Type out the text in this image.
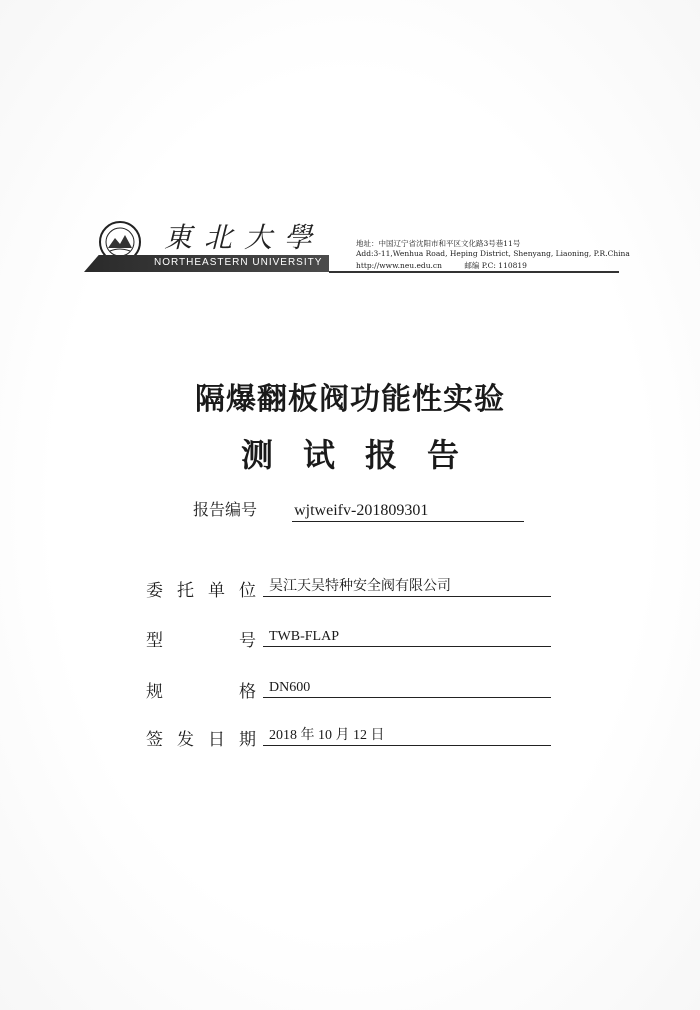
東北大學
NORTHEASTERN UNIVERSITY
地址：中国辽宁省沈阳市和平区文化路3号巷11号
Add:3-11,Wenhua Road, Heping District, Shenyang, Liaoning, P.R.China
http://www.neu.edu.cn	邮编 P.C: 110819
隔爆翻板阀功能性实验
测试报告
报告编号 wjtweifv-201809301
委 托 单 位 吴江天吴特种安全阀有限公司
型	号 TWB-FLAP
规	格 DN600
签 发 日 期 2018 年 10 月 12 日
